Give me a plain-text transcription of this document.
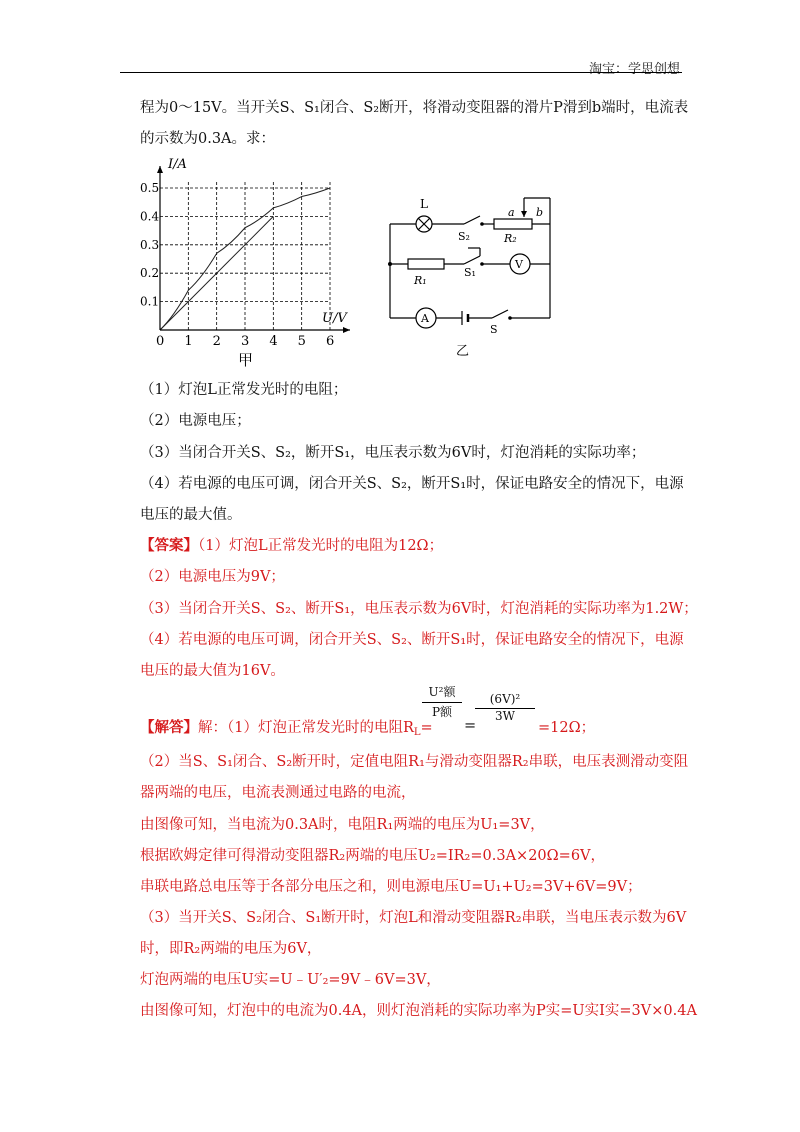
淘宝：学思创想
程为0～15V。当开关S、S₁闭合、S₂断开，将滑动变阻器的滑片P滑到b端时，电流表
的示数为0.3A。求：
0 1 2 3 4 5 6
0.1
0.2
0.3
0.4
0.5
I/A
U/V
甲
L
S₂
a b
R₂
R₁
S₁
V
A
S
乙
（1）灯泡L正常发光时的电阻；
（2）电源电压；
（3）当闭合开关S、S₂，断开S₁，电压表示数为6V时，灯泡消耗的实际功率；
（4）若电源的电压可调，闭合开关S、S₂，断开S₁时，保证电路安全的情况下，电源
电压的最大值。
【答案】（1）灯泡L正常发光时的电阻为12Ω；
（2）电源电压为9V；
（3）当闭合开关S、S₂、断开S₁，电压表示数为6V时，灯泡消耗的实际功率为1.2W；
（4）若电源的电压可调，闭合开关S、S₂、断开S₁时，保证电路安全的情况下，电源
电压的最大值为16V。
【解答】解：（1）灯泡正常发光时的电阻$R_L=$
U²额
P额
=
$\frac{\text{(6V)²}}{3W}$
=12Ω；
（2）当S、S₁闭合、S₂断开时，定值电阻R₁与滑动变阻器R₂串联，电压表测滑动变阻
器两端的电压，电流表测通过电路的电流，
由图像可知，当电流为0.3A时，电阻R₁两端的电压为U₁=3V，
根据欧姆定律可得滑动变阻器R₂两端的电压U₂=IR₂=0.3A×20Ω=6V，
串联电路总电压等于各部分电压之和，则电源电压U=U₁+U₂=3V+6V=9V；
（3）当开关S、S₂闭合、S₁断开时，灯泡L和滑动变阻器R₂串联，当电压表示数为6V
时，即R₂两端的电压为6V，
灯泡两端的电压U实=U﹣U′₂=9V﹣6V=3V，
由图像可知，灯泡中的电流为0.4A，则灯泡消耗的实际功率为P实=U实I实=3V×0.4A
